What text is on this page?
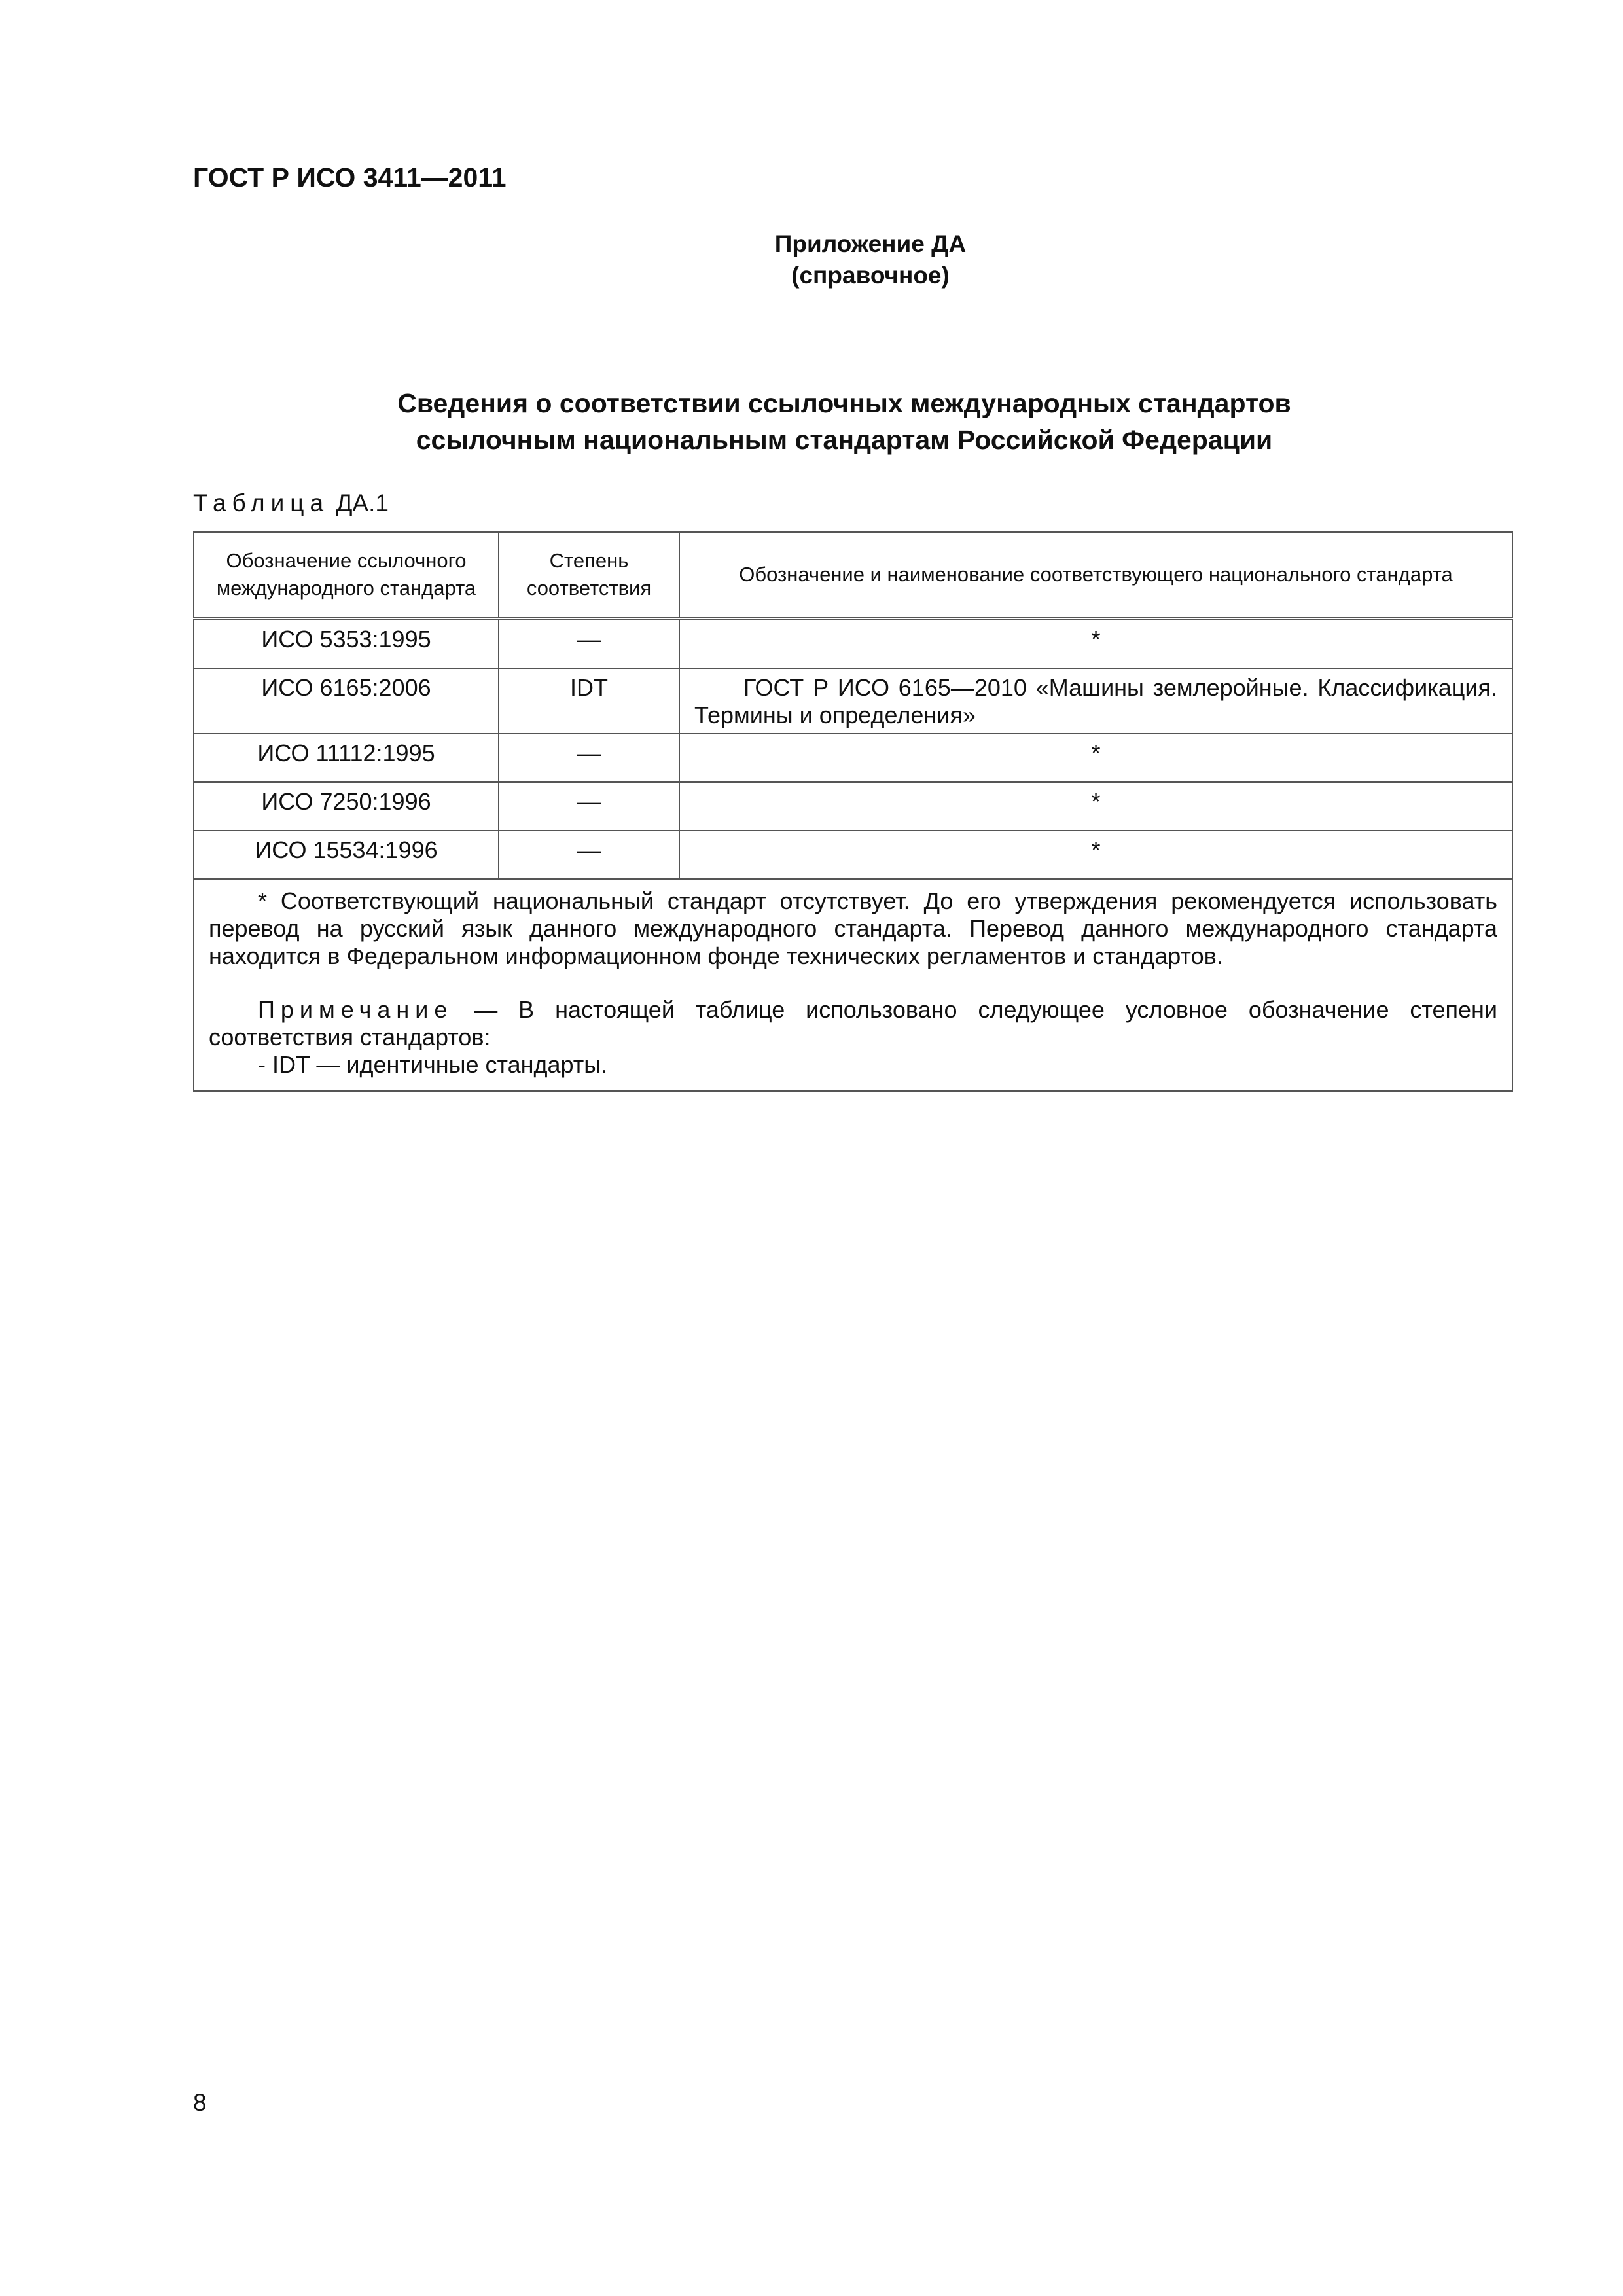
ГОСТ Р ИСО 3411—2011
Приложение ДА
(справочное)
Сведения о соответствии ссылочных международных стандартов
ссылочным национальным стандартам Российской Федерации
Таблица ДА.1
Обозначение ссылочного международного стандарта	Степень соответствия	Обозначение и наименование соответствующего национального стандарта
ИСО 5353:1995	—	*
ИСО 6165:2006	IDT	ГОСТ Р ИСО 6165—2010 «Машины землеройные. Классификация. Термины и определения»
ИСО 11112:1995	—	*
ИСО 7250:1996	—	*
ИСО 15534:1996	—	*

* Соответствующий национальный стандарт отсутствует. До его утверждения рекомендуется использовать перевод на русский язык данного международного стандарта. Перевод данного международного стандарта находится в Федеральном информационном фонде технических регламентов и стандартов.

Примечание — В настоящей таблице использовано следующее условное обозначение степени соответствия стандартов:

- IDT — идентичные стандарты.		
8
